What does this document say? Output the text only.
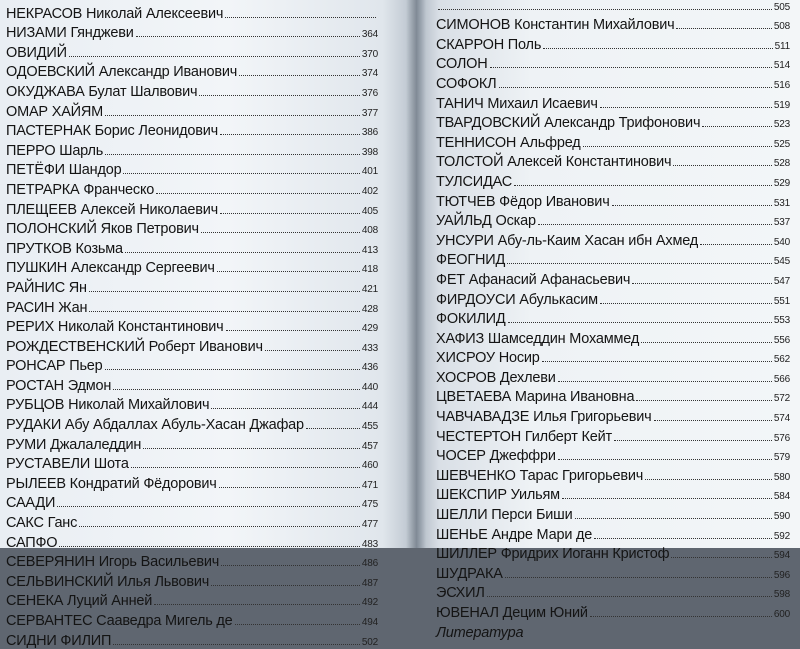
НЕКРАСОВ Николай Алексеевич
НИЗАМИ Гянджеви	364
ОВИДИЙ	370
ОДОЕВСКИЙ Александр Иванович	374
ОКУДЖАВА Булат Шалвович	376
ОМАР ХАЙЯМ	377
ПАСТЕРНАК Борис Леонидович	386
ПЕРРО Шарль	398
ПЕТЁФИ Шандор	401
ПЕТРАРКА Франческо	402
ПЛЕЩЕЕВ Алексей Николаевич	405
ПОЛОНСКИЙ Яков Петрович	408
ПРУТКОВ Козьма	413
ПУШКИН Александр Сергеевич	418
РАЙНИС Ян	421
РАСИН Жан	428
РЕРИХ Николай Константинович	429
РОЖДЕСТВЕНСКИЙ Роберт Иванович	433
РОНСАР Пьер	436
РОСТАН Эдмон	440
РУБЦОВ Николай Михайлович	444
РУДАКИ Абу Абдаллах Абуль-Хасан Джафар	455
РУМИ Джалаледдин	457
РУСТАВЕЛИ Шота	460
РЫЛЕЕВ Кондратий Фёдорович	471
СААДИ	475
САКС Ганс	477
САПФО	483
СЕВЕРЯНИН Игорь Васильевич	486
СЕЛЬВИНСКИЙ Илья Львович	487
СЕНЕКА Луций Анней	492
СЕРВАНТЕС Сааведра Мигель де	494
СИДНИ ФИЛИП	502
505
СИМОНОВ Константин Михайлович	508
СКАРРОН Поль	511
СОЛОН	514
СОФОКЛ	516
ТАНИЧ Михаил Исаевич	519
ТВАРДОВСКИЙ Александр Трифонович	523
ТЕННИСОН Альфред	525
ТОЛСТОЙ Алексей Константинович	528
ТУЛСИДАС	529
ТЮТЧЕВ Фёдор Иванович	531
УАЙЛЬД Оскар	537
УНСУРИ Абу-ль-Каим Хасан ибн Ахмед	540
ФЕОГНИД	545
ФЕТ Афанасий Афанасьевич	547
ФИРДОУСИ Абулькасим	551
ФОКИЛИД	553
ХАФИЗ Шамседдин Мохаммед	556
ХИСРОУ Носир	562
ХОСРОВ Дехлеви	566
ЦВЕТАЕВА Марина Ивановна	572
ЧАВЧАВАДЗЕ Илья Григорьевич	574
ЧЕСТЕРТОН Гилберт Кейт	576
ЧОСЕР Джеффри	579
ШЕВЧЕНКО Тарас Григорьевич	580
ШЕКСПИР Уильям	584
ШЕЛЛИ Перси Биши	590
ШЕНЬЕ Андре Мари де	592
ШИЛЛЕР Фридрих Иоганн Кристоф	594
ШУДРАКА	596
ЭСХИЛ	598
ЮВЕНАЛ Децим Юний	600
Литература
